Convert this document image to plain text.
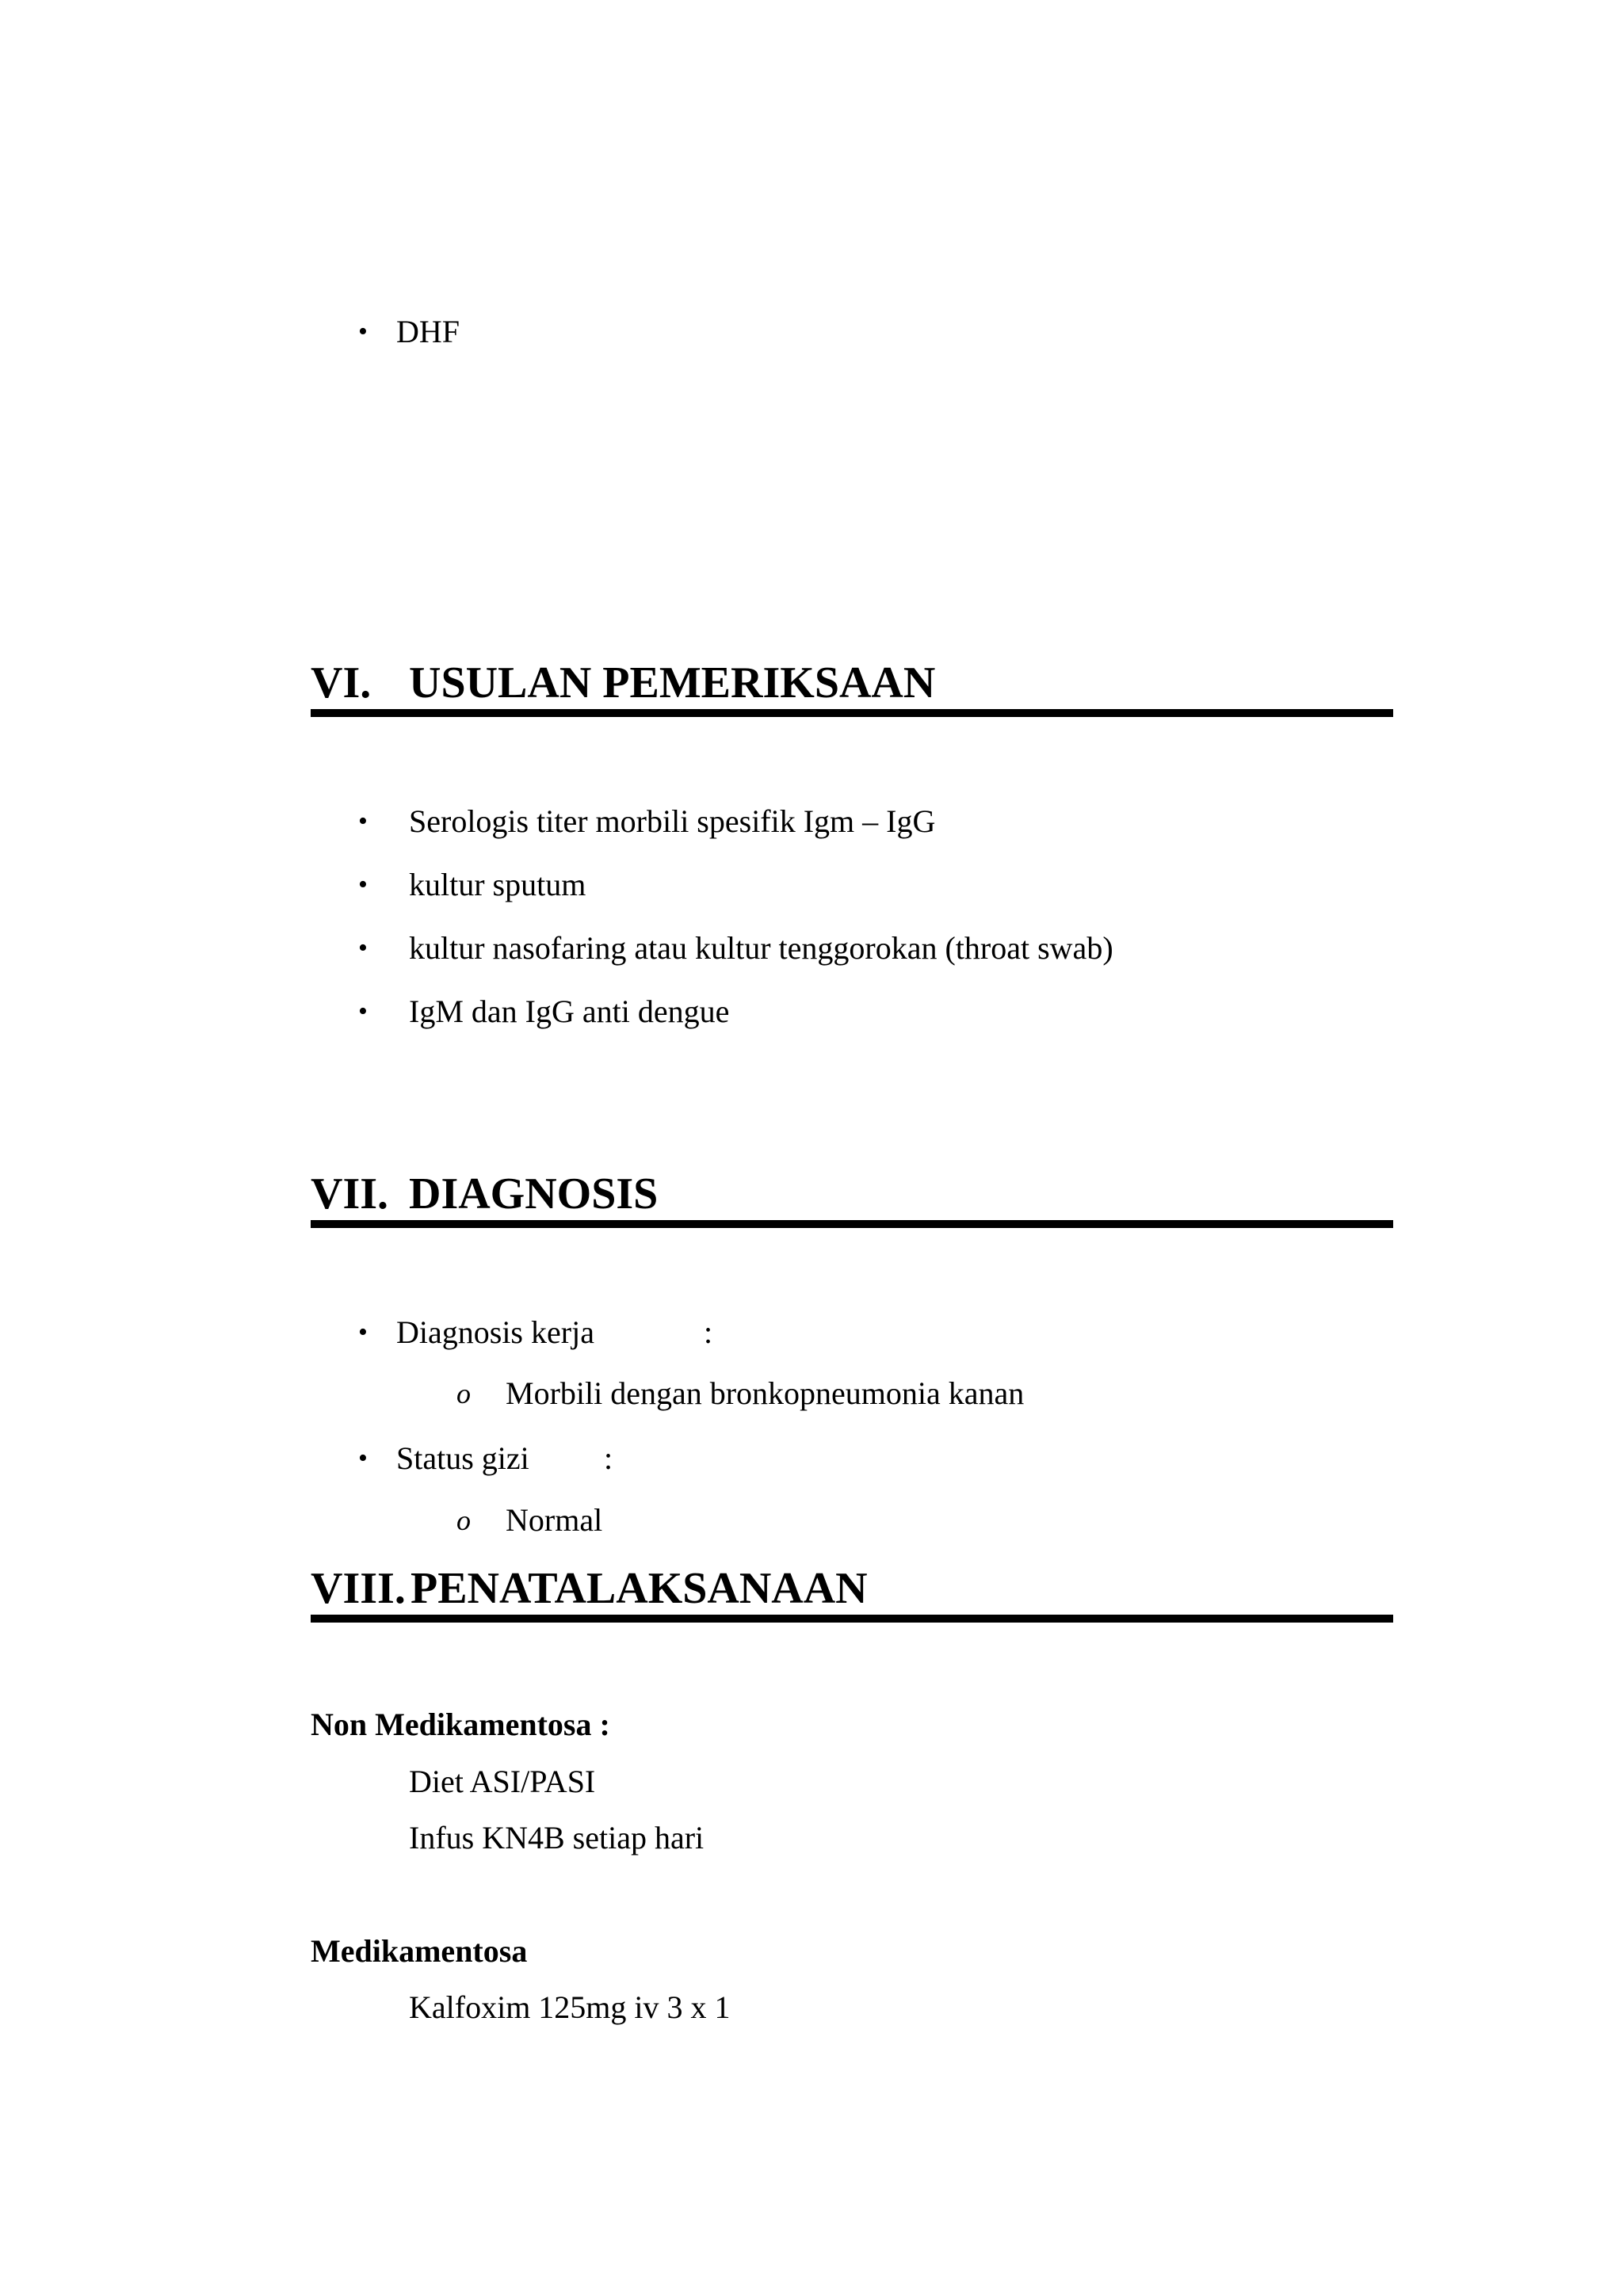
• DHF
VI. USULAN PEMERIKSAAN
• Serologis titer morbili spesifik Igm – IgG
• kultur sputum
• kultur nasofaring atau kultur tenggorokan (throat swab)
• IgM dan IgG anti dengue
VII. DIAGNOSIS
• Diagnosis kerja	:
o Morbili dengan bronkopneumonia kanan
• Status gizi :
o Normal
VIII. PENATALAKSANAAN
Non Medikamentosa :
Diet ASI/PASI
Infus KN4B setiap hari
Medikamentosa
Kalfoxim 125mg iv 3 x 1
